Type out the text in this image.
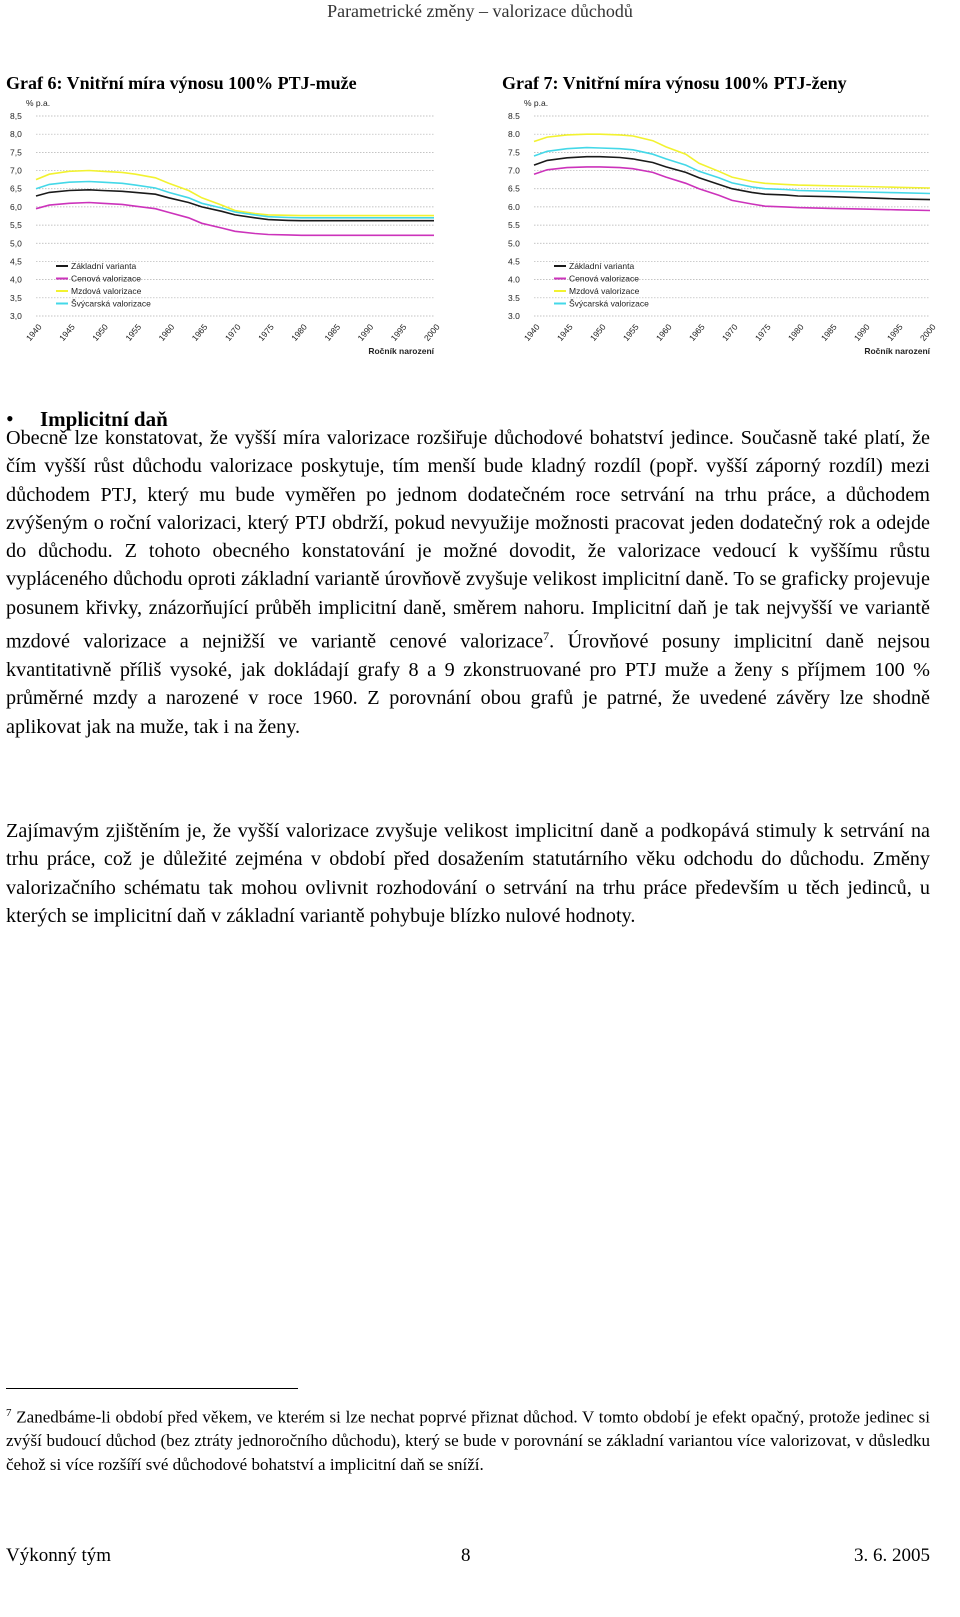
Parametrické změny – valorizace důchodů
Graf 6: Vnitřní míra výnosu 100% PTJ-muže	Graf 7: Vnitřní míra výnosu 100% PTJ-ženy
% p.a.
8,5
8,0
7,5
7,0
6,5
6,0
5,5
5,0
4,5
4,0
3,5
3,0
1940 1945 1950 1955 1960 1965 1970 1975 1980 1985 1990 1995 2000
Ročník narození
Základní varianta
Cenová valorizace
Mzdová valorizace
Švýcarská valorizace
% p.a.
8.5
8.0
7.5
7.0
6.5
6.0
5.5
5.0
4.5
4.0
3.5
3.0
1940 1945 1950 1955 1960 1965 1970 1975 1980 1985 1990 1995 2000
Ročník narození
Základní varianta
Cenová valorizace
Mzdová valorizace
Švýcarská valorizace
•	Implicitní daň

Obecně lze konstatovat, že vyšší míra valorizace rozšiřuje důchodové bohatství jedince. Současně také platí, že čím vyšší růst důchodu valorizace poskytuje, tím menší bude kladný rozdíl (popř. vyšší záporný rozdíl) mezi důchodem PTJ, který mu bude vyměřen po jednom dodatečném roce setrvání na trhu práce, a důchodem zvýšeným o roční valorizaci, který PTJ obdrží, pokud nevyužije možnosti pracovat jeden dodatečný rok a odejde do důchodu. Z tohoto obecného konstatování je možné dovodit, že valorizace vedoucí k vyššímu růstu vypláceného důchodu oproti základní variantě úrovňově zvyšuje velikost implicitní daně. To se graficky projevuje posunem křivky, znázorňující průběh implicitní daně, směrem nahoru. Implicitní daň je tak nejvyšší ve variantě mzdové valorizace a nejnižší ve variantě cenové valorizace$^7$. Úrovňové posuny implicitní daně nejsou kvantitativně příliš vysoké, jak dokládají grafy 8 a 9 zkonstruované pro PTJ muže a ženy s příjmem 100 % průměrné mzdy a narozené v roce 1960. Z porovnání obou grafů je patrné, že uvedené závěry lze shodně aplikovat jak na muže, tak i na ženy.

Zajímavým zjištěním je, že vyšší valorizace zvyšuje velikost implicitní daně a podkopává stimuly k setrvání na trhu práce, což je důležité zejména v období před dosažením statutárního věku odchodu do důchodu. Změny valorizačního schématu tak mohou ovlivnit rozhodování o setrvání na trhu práce především u těch jedinců, u kterých se implicitní daň v základní variantě pohybuje blízko nulové hodnoty.

$^7$ Zanedbáme-li období před věkem, ve kterém si lze nechat poprvé přiznat důchod. V tomto období je efekt opačný, protože jedinec si zvýší budoucí důchod (bez ztráty jednoročního důchodu), který se bude v porovnání se základní variantou více valorizovat, v důsledku čehož si více rozšíří své důchodové bohatství a implicitní daň se sníží.

Výkonný tým	8	3. 6. 2005
